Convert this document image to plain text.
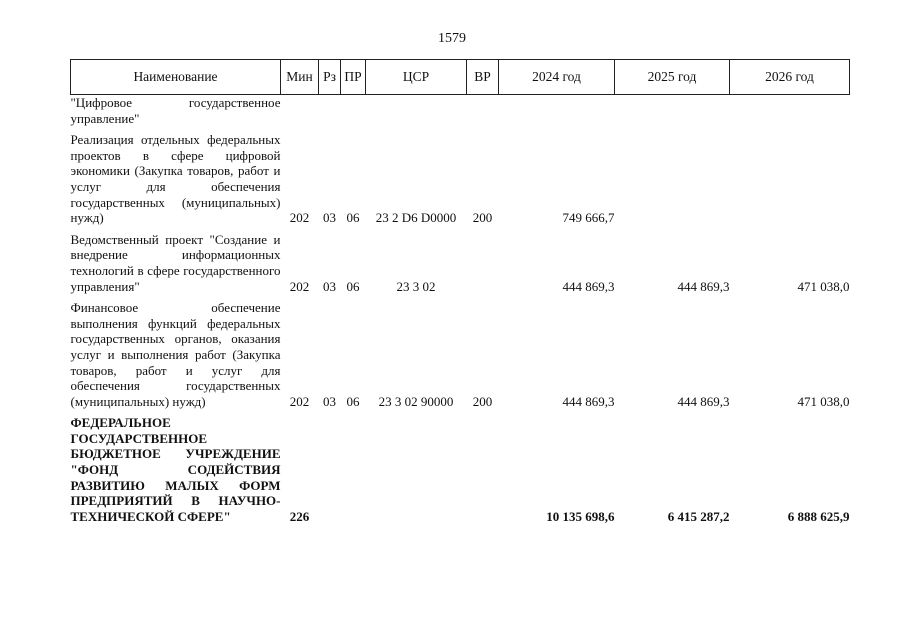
1579
Наименование	Мин	Рз	ПР	ЦСР	ВР	2024 год	2025 год	2026 год
"Цифровое государственное управление"								
Реализация отдельных федеральных проектов в сфере цифровой экономики (Закупка товаров, работ и услуг для обеспечения государственных (муниципальных) нужд)	202	03	06	23 2 D6 D0000	200	749 666,7		
Ведомственный проект "Создание и внедрение информационных технологий в сфере государственного управления"	202	03	06	23 3 02		444 869,3	444 869,3	471 038,0
Финансовое обеспечение выполнения функций федеральных государственных органов, оказания услуг и выполнения работ (Закупка товаров, работ и услуг для обеспечения государственных (муниципальных) нужд)	202	03	06	23 3 02 90000	200	444 869,3	444 869,3	471 038,0
ФЕДЕРАЛЬНОЕ ГОСУДАРСТВЕННОЕ БЮДЖЕТНОЕ УЧРЕЖДЕНИЕ "ФОНД СОДЕЙСТВИЯ РАЗВИТИЮ МАЛЫХ ФОРМ ПРЕДПРИЯТИЙ В НАУЧНО-ТЕХНИЧЕСКОЙ СФЕРЕ"	226					10 135 698,6	6 415 287,2	6 888 625,9
